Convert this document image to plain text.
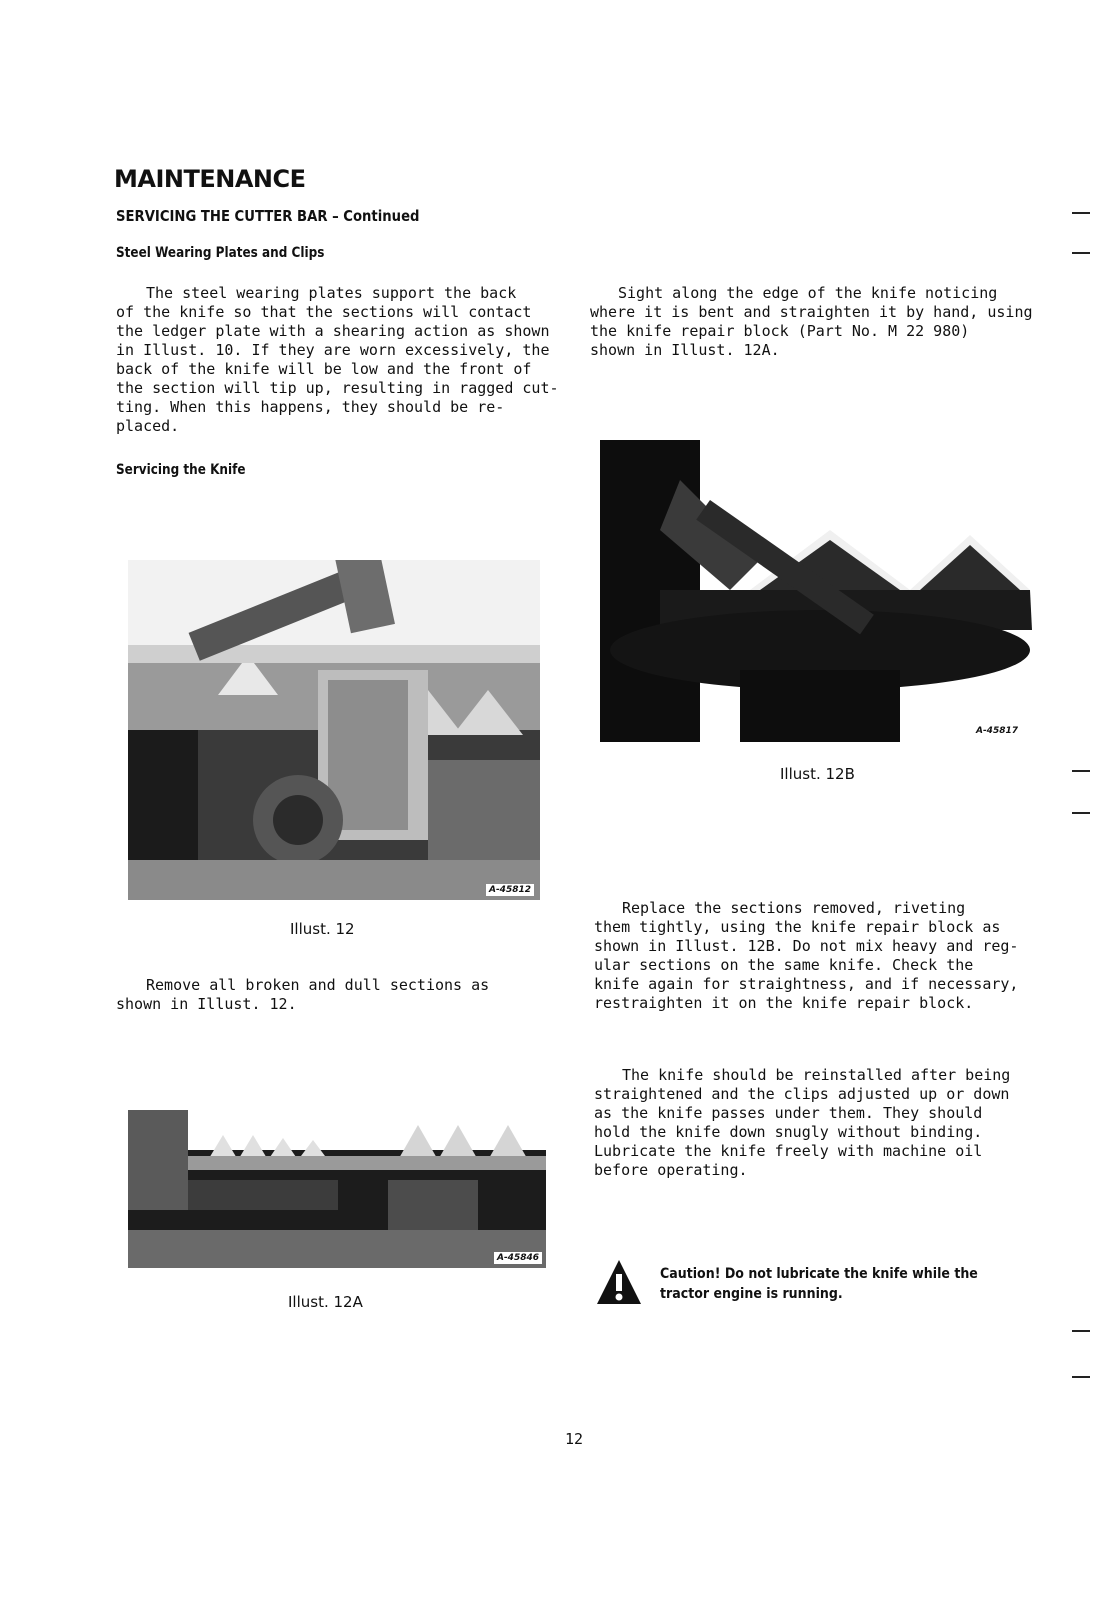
MAINTENANCE
SERVICING THE CUTTER BAR – Continued
Steel Wearing Plates and Clips
The steel wearing plates support the back
of the knife so that the sections will contact
the ledger plate with a shearing action as shown
in Illust. 10. If they are worn excessively, the
back of the knife will be low and the front of
the section will tip up, resulting in ragged cut-
ting. When this happens, they should be re-
placed.
Servicing the Knife
Sight along the edge of the knife noticing
where it is bent and straighten it by hand, using
the knife repair block (Part No. M 22 980)
shown in Illust. 12A.
A-45812
Illust. 12
A-45817
Illust. 12B
Remove all broken and dull sections as
shown in Illust. 12.
Replace the sections removed, riveting
them tightly, using the knife repair block as
shown in Illust. 12B. Do not mix heavy and reg-
ular sections on the same knife. Check the
knife again for straightness, and if necessary,
restraighten it on the knife repair block.
A-45846
Illust. 12A
The knife should be reinstalled after being
straightened and the clips adjusted up or down
as the knife passes under them. They should
hold the knife down snugly without binding.
Lubricate the knife freely with machine oil
before operating.
Caution! Do not lubricate the knife while the
tractor engine is running.
12
